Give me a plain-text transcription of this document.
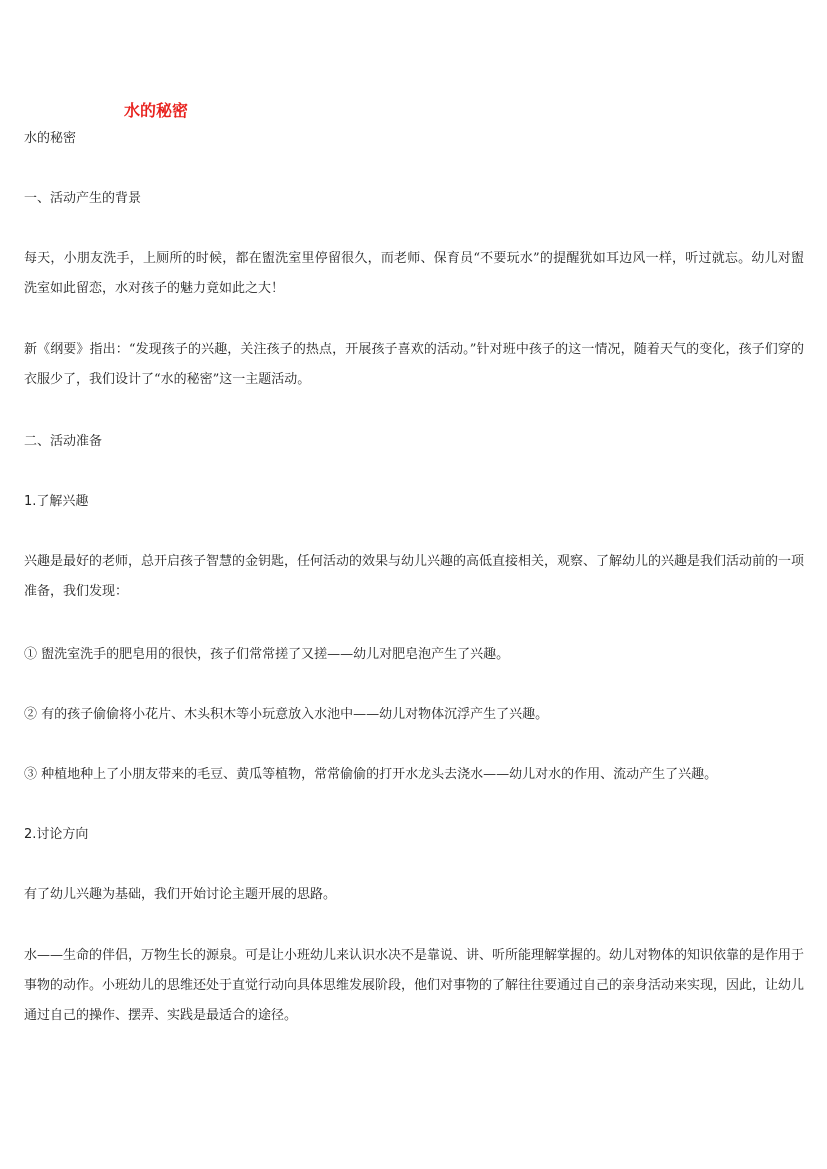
水的秘密

水的秘密

一、活动产生的背景

每天，小朋友洗手，上厕所的时候，都在盥洗室里停留很久，而老师、保育员“不要玩水”的提醒犹如耳边风一样，听过就忘。幼儿对盥洗室如此留恋，水对孩子的魅力竟如此之大！

新《纲要》指出：“发现孩子的兴趣，关注孩子的热点，开展孩子喜欢的活动。”针对班中孩子的这一情况，随着天气的变化，孩子们穿的衣服少了，我们设计了“水的秘密”这一主题活动。

二、活动准备

1.了解兴趣

兴趣是最好的老师，总开启孩子智慧的金钥匙，任何活动的效果与幼儿兴趣的高低直接相关，观察、了解幼儿的兴趣是我们活动前的一项准备，我们发现：

① 盥洗室洗手的肥皂用的很快，孩子们常常搓了又搓——幼儿对肥皂泡产生了兴趣。

② 有的孩子偷偷将小花片、木头积木等小玩意放入水池中——幼儿对物体沉浮产生了兴趣。

③ 种植地种上了小朋友带来的毛豆、黄瓜等植物，常常偷偷的打开水龙头去浇水——幼儿对水的作用、流动产生了兴趣。

2.讨论方向

有了幼儿兴趣为基础，我们开始讨论主题开展的思路。

水——生命的伴侣，万物生长的源泉。可是让小班幼儿来认识水决不是靠说、讲、听所能理解掌握的。幼儿对物体的知识依靠的是作用于事物的动作。小班幼儿的思维还处于直觉行动向具体思维发展阶段，他们对事物的了解往往要通过自己的亲身活动来实现，因此，让幼儿通过自己的操作、摆弄、实践是最适合的途径。
